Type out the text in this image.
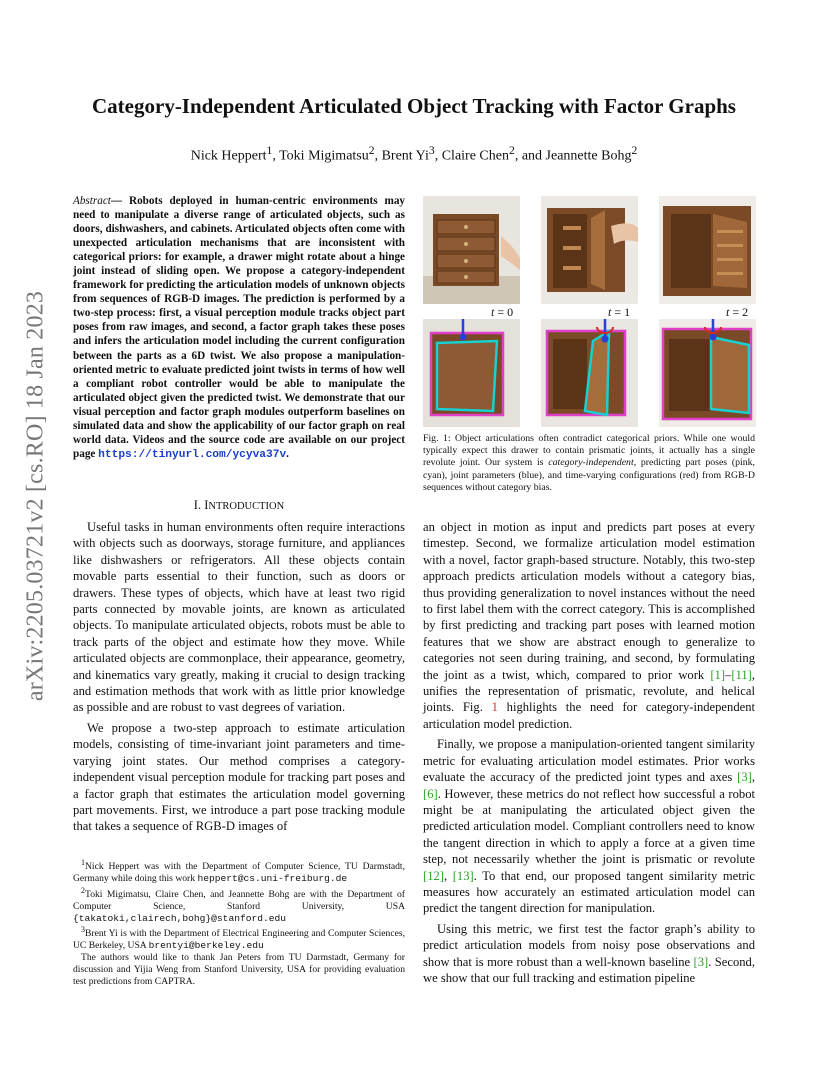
arXiv:2205.03721v2 [cs.RO] 18 Jan 2023
Category-Independent Articulated Object Tracking with Factor Graphs
Nick Heppert$^1$, Toki Migimatsu$^2$, Brent Yi$^3$, Claire Chen$^2$, and Jeannette Bohg$^2$
Abstract— Robots deployed in human-centric environments may need to manipulate a diverse range of articulated objects, such as doors, dishwashers, and cabinets. Articulated objects often come with unexpected articulation mechanisms that are inconsistent with categorical priors: for example, a drawer might rotate about a hinge joint instead of sliding open. We propose a category-independent framework for predicting the articulation models of unknown objects from sequences of RGB-D images. The prediction is performed by a two-step process: first, a visual perception module tracks object part poses from raw images, and second, a factor graph takes these poses and infers the articulation model including the current configuration between the parts as a 6D twist. We also propose a manipulation-oriented metric to evaluate predicted joint twists in terms of how well a compliant robot controller would be able to manipulate the articulated object given the predicted twist. We demonstrate that our visual perception and factor graph modules outperform baselines on simulated data and show the applicability of our factor graph on real world data. Videos and the source code are available on our project page https://tinyurl.com/ycyva37v.
I. INTRODUCTION

Useful tasks in human environments often require interactions with objects such as doorways, storage furniture, and appliances like dishwashers or refrigerators. All these objects contain movable parts essential to their function, such as doors or drawers. These types of objects, which have at least two rigid parts connected by movable joints, are known as articulated objects. To manipulate articulated objects, robots must be able to track parts of the object and estimate how they move. While articulated objects are commonplace, their appearance, geometry, and kinematics vary greatly, making it crucial to design tracking and estimation methods that work with as little prior knowledge as possible and are robust to vast degrees of variation.

We propose a two-step approach to estimate articulation models, consisting of time-invariant joint parameters and time-varying joint states. Our method comprises a category-independent visual perception module for tracking part poses and a factor graph that estimates the articulation model governing part movements. First, we introduce a part pose tracking module that takes a sequence of RGB-D images of

$^1$Nick Heppert was with the Department of Computer Science, TU Darmstadt, Germany while doing this work heppert@cs.uni-freiburg.de

$^2$Toki Migimatsu, Claire Chen, and Jeannette Bohg are with the Department of Computer Science, Stanford University, USA {takatoki,clairech,bohg}@stanford.edu

$^3$Brent Yi is with the Department of Electrical Engineering and Computer Sciences, UC Berkeley, USA brentyi@berkeley.edu

The authors would like to thank Jan Peters from TU Darmstadt, Germany for discussion and Yijia Weng from Stanford University, USA for providing evaluation test predictions from CAPTRA.

t = 0	t = 1	t = 2
Fig. 1: Object articulations often contradict categorical priors. While one would typically expect this drawer to contain prismatic joints, it actually has a single revolute joint. Our system is category-independent, predicting part poses (pink, cyan), joint parameters (blue), and time-varying configurations (red) from RGB-D sequences without category bias.

an object in motion as input and predicts part poses at every timestep. Second, we formalize articulation model estimation with a novel, factor graph-based structure. Notably, this two-step approach predicts articulation models without a category bias, thus providing generalization to novel instances without the need to first label them with the correct category. This is accomplished by first predicting and tracking part poses with learned motion features that we show are abstract enough to generalize to categories not seen during training, and second, by formulating the joint as a twist, which, compared to prior work [1]–[11], unifies the representation of prismatic, revolute, and helical joints. Fig. 1 highlights the need for category-independent articulation model prediction.

Finally, we propose a manipulation-oriented tangent similarity metric for evaluating articulation model estimates. Prior works evaluate the accuracy of the predicted joint types and axes [3], [6]. However, these metrics do not reflect how successful a robot might be at manipulating the articulated object given the predicted articulation model. Compliant controllers need to know the tangent direction in which to apply a force at a given time step, not necessarily whether the joint is prismatic or revolute [12], [13]. To that end, our proposed tangent similarity metric measures how accurately an estimated articulation model can predict the tangent direction for manipulation.

Using this metric, we first test the factor graph’s ability to predict articulation models from noisy pose observations and show that is more robust than a well-known baseline [3]. Second, we show that our full tracking and estimation pipeline
